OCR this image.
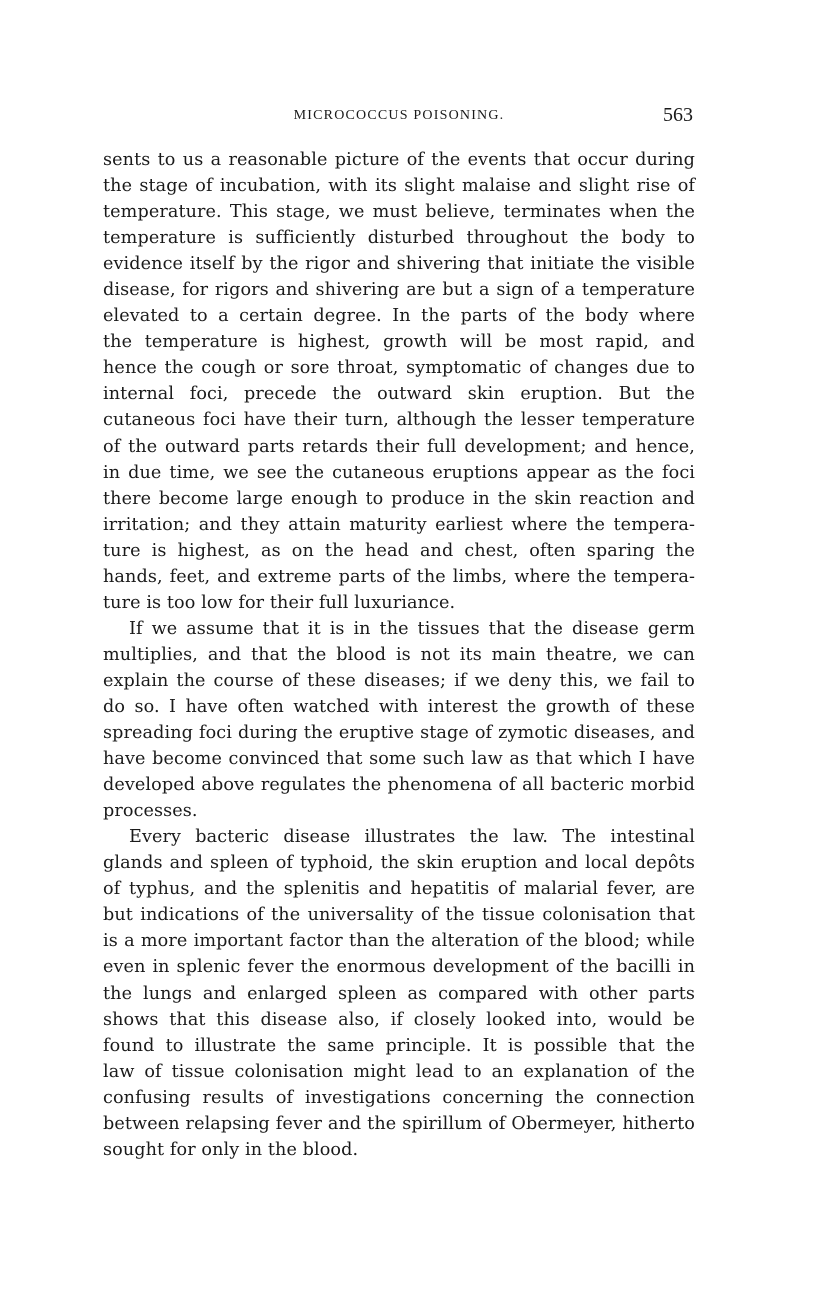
MICROCOCCUS POISONING.	563
sents to us a reasonable picture of the events that occur during
the stage of incubation, with its slight malaise and slight rise of
temperature. This stage, we must believe, terminates when the
temperature is sufficiently disturbed throughout the body to
evidence itself by the rigor and shivering that initiate the visible
disease, for rigors and shivering are but a sign of a temperature
elevated to a certain degree. In the parts of the body where
the temperature is highest, growth will be most rapid, and
hence the cough or sore throat, symptomatic of changes due to
internal foci, precede the outward skin eruption. But the
cutaneous foci have their turn, although the lesser temperature
of the outward parts retards their full development; and hence,
in due time, we see the cutaneous eruptions appear as the foci
there become large enough to produce in the skin reaction and
irritation; and they attain maturity earliest where the tempera-
ture is highest, as on the head and chest, often sparing the
hands, feet, and extreme parts of the limbs, where the tempera-
ture is too low for their full luxuriance.
If we assume that it is in the tissues that the disease germ
multiplies, and that the blood is not its main theatre, we can
explain the course of these diseases; if we deny this, we fail to
do so. I have often watched with interest the growth of these
spreading foci during the eruptive stage of zymotic diseases, and
have become convinced that some such law as that which I have
developed above regulates the phenomena of all bacteric morbid
processes.
Every bacteric disease illustrates the law. The intestinal
glands and spleen of typhoid, the skin eruption and local depôts
of typhus, and the splenitis and hepatitis of malarial fever, are
but indications of the universality of the tissue colonisation that
is a more important factor than the alteration of the blood; while
even in splenic fever the enormous development of the bacilli in
the lungs and enlarged spleen as compared with other parts
shows that this disease also, if closely looked into, would be
found to illustrate the same principle. It is possible that the
law of tissue colonisation might lead to an explanation of the
confusing results of investigations concerning the connection
between relapsing fever and the spirillum of Obermeyer, hitherto
sought for only in the blood.
